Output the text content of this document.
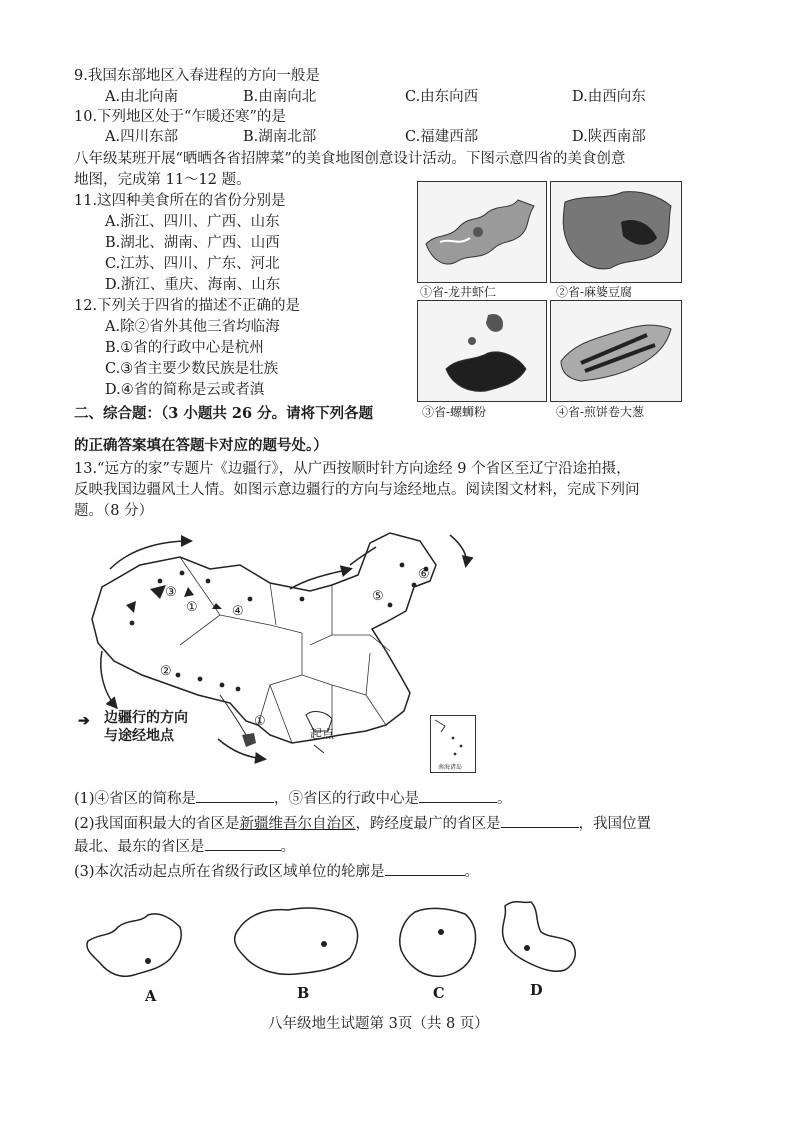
9.我国东部地区入春进程的方向一般是
A.由北向南	B.由南向北	C.由东向西	D.由西向东
10.下列地区处于“乍暖还寒”的是
A.四川东部	B.湖南北部	C.福建西部	D.陕西南部
八年级某班开展“晒晒各省招牌菜”的美食地图创意设计活动。下图示意四省的美食创意
地图，完成第 11～12 题。
11.这四种美食所在的省份分别是
A.浙江、四川、广西、山东
B.湖北、湖南、广西、山西
C.江苏、四川、广东、河北
D.浙江、重庆、海南、山东
12.下列关于四省的描述不正确的是
A.除②省外其他三省均临海
B.①省的行政中心是杭州
C.③省主要少数民族是壮族
D.④省的简称是云或者滇
①省-龙井虾仁	②省-麻婆豆腐
③省-螺蛳粉	④省-煎饼卷大葱
二、综合题：（3 小题共 26 分。请将下列各题
的正确答案填在答题卡对应的题号处。）
13.“远方的家”专题片《边疆行》，从广西按顺时针方向途经 9 个省区至辽宁沿途拍摄，
反映我国边疆风土人情。如图示意边疆行的方向与途经地点。阅读图文材料，完成下列问
题。（8 分）
①
③
②
①
④
⑤
⑥
➔ 边疆行的方向
与途经地点	起点
南海诸岛
(1)④省区的简称是	，⑤省区的行政中心是	。
(2)我国面积最大的省区是新疆维吾尔自治区，跨经度最广的省区是	，我国位置
最北、最东的省区是	。
(3)本次活动起点所在省级行政区域单位的轮廓是	。
A	B	C	D
八年级地生试题第 3页（共 8 页）
